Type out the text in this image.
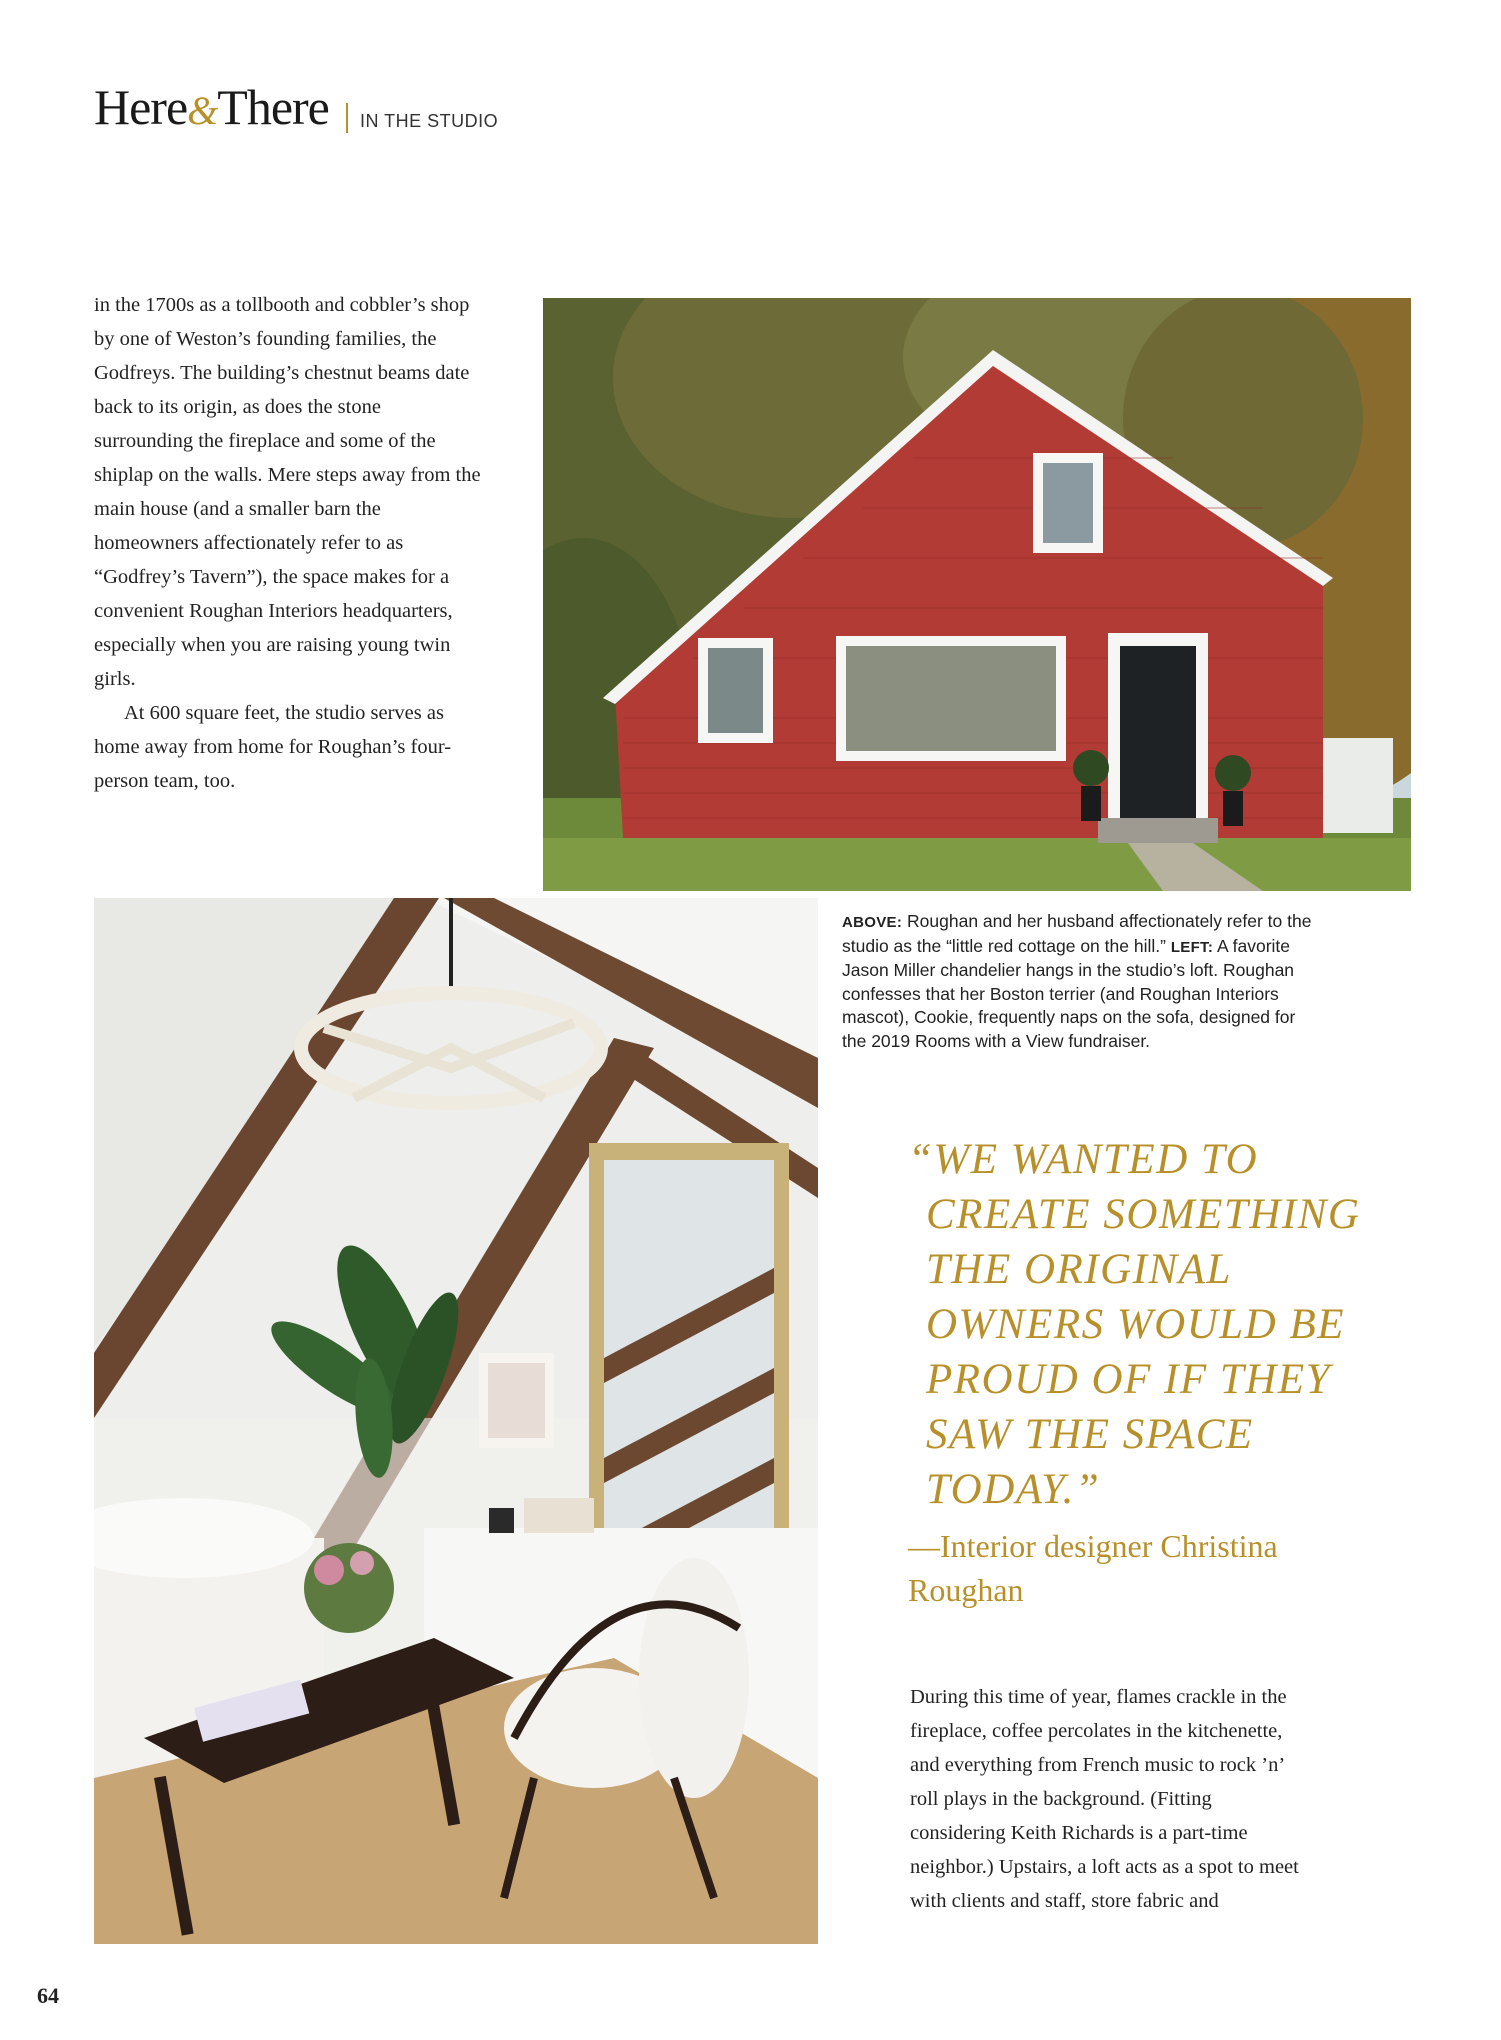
Here&There IN THE STUDIO

in the 1700s as a tollbooth and cobbler’s shop by one of Weston’s founding families, the Godfreys. The building’s chestnut beams date back to its origin, as does the stone surrounding the fireplace and some of the shiplap on the walls. Mere steps away from the main house (and a smaller barn the homeowners affectionately refer to as “Godfrey’s Tavern”), the space makes for a convenient Roughan Interiors headquarters, especially when you are raising young twin girls.

At 600 square feet, the studio serves as home away from home for Roughan’s four-person team, too.

ABOVE: Roughan and her husband affectionately refer to the studio as the “little red cottage on the hill.” LEFT: A favorite Jason Miller chandelier hangs in the studio’s loft. Roughan confesses that her Boston terrier (and Roughan Interiors mascot), Cookie, frequently naps on the sofa, designed for the 2019 Rooms with a View fundraiser.
“WE WANTED TO
CREATE SOMETHING
THE ORIGINAL
OWNERS WOULD BE
PROUD OF IF THEY
SAW THE SPACE
TODAY.”
—Interior designer Christina Roughan

During this time of year, flames crackle in the fireplace, coffee percolates in the kitchenette, and everything from French music to rock ’n’ roll plays in the background. (Fitting considering Keith Richards is a part-time neighbor.) Upstairs, a loft acts as a spot to meet with clients and staff, store fabric and

64
